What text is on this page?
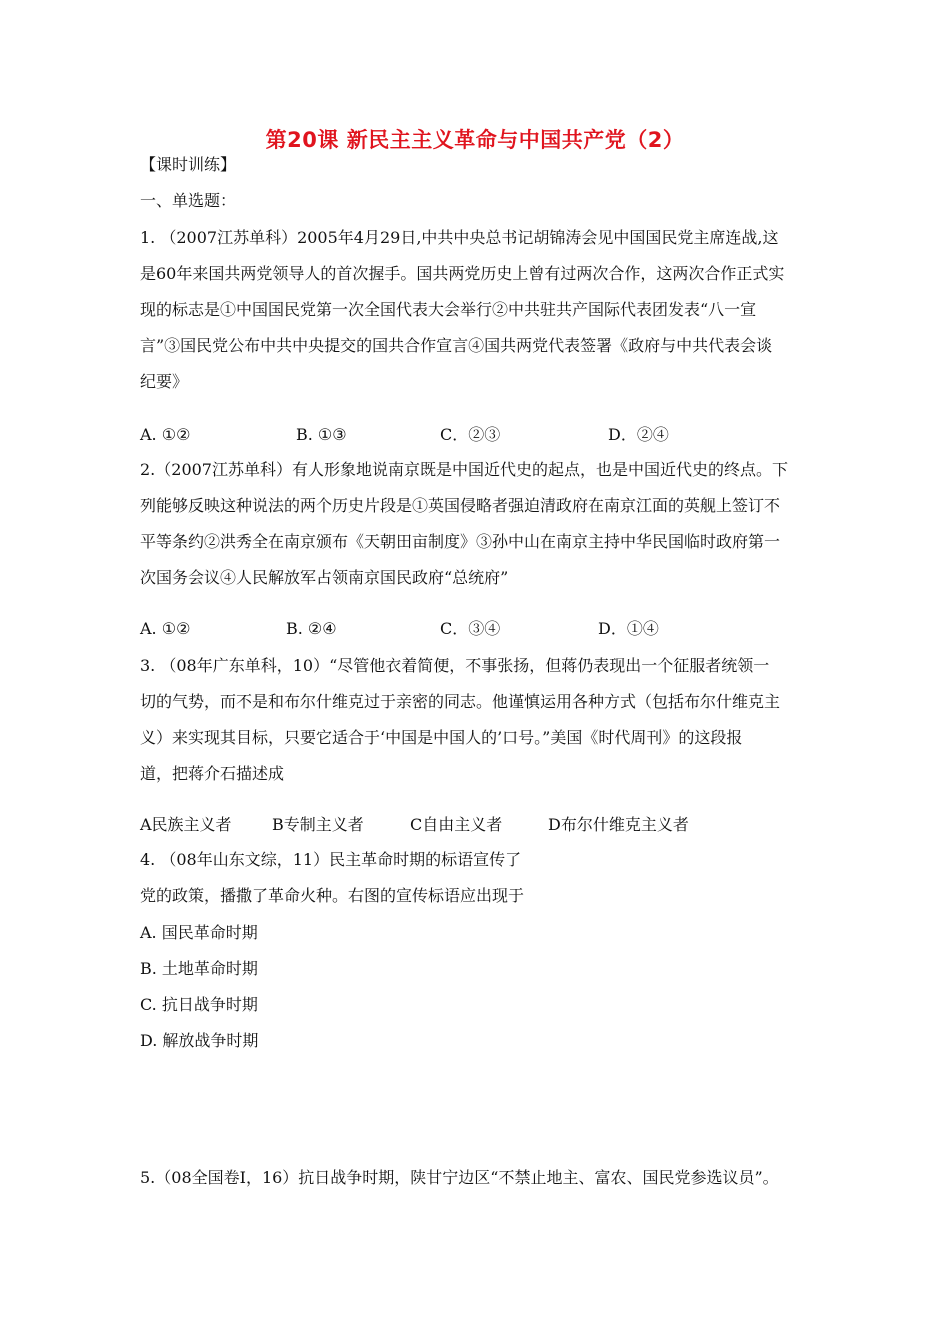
第20课 新民主主义革命与中国共产党（2）
【课时训练】
一、单选题：
1. （2007江苏单科）2005年4月29日,中共中央总书记胡锦涛会见中国国民党主席连战,这
是60年来国共两党领导人的首次握手。国共两党历史上曾有过两次合作，这两次合作正式实
现的标志是①中国国民党第一次全国代表大会举行②中共驻共产国际代表团发表“八一宣
言”③国民党公布中共中央提交的国共合作宣言④国共两党代表签署《政府与中共代表会谈
纪要》
A. ①②	B. ①③	C．②③	D．②④
2.（2007江苏单科）有人形象地说南京既是中国近代史的起点，也是中国近代史的终点。下
列能够反映这种说法的两个历史片段是①英国侵略者强迫清政府在南京江面的英舰上签订不
平等条约②洪秀全在南京颁布《天朝田亩制度》③孙中山在南京主持中华民国临时政府第一
次国务会议④人民解放军占领南京国民政府“总统府”
A. ①②	B. ②④	C．③④	D．①④
3. （08年广东单科，10）“尽管他衣着简便，不事张扬，但蒋仍表现出一个征服者统领一
切的气势，而不是和布尔什维克过于亲密的同志。他谨慎运用各种方式（包括布尔什维克主
义）来实现其目标，只要它适合于‘中国是中国人的’口号。”美国《时代周刊》的这段报
道，把蒋介石描述成
A民族主义者	B专制主义者	C自由主义者	D布尔什维克主义者
4. （08年山东文综，11）民主革命时期的标语宣传了
党的政策，播撒了革命火种。右图的宣传标语应出现于
A. 国民革命时期
B. 土地革命时期
C. 抗日战争时期
D. 解放战争时期
5.（08全国卷Ⅰ，16）抗日战争时期，陕甘宁边区“不禁止地主、富农、国民党参选议员”。
